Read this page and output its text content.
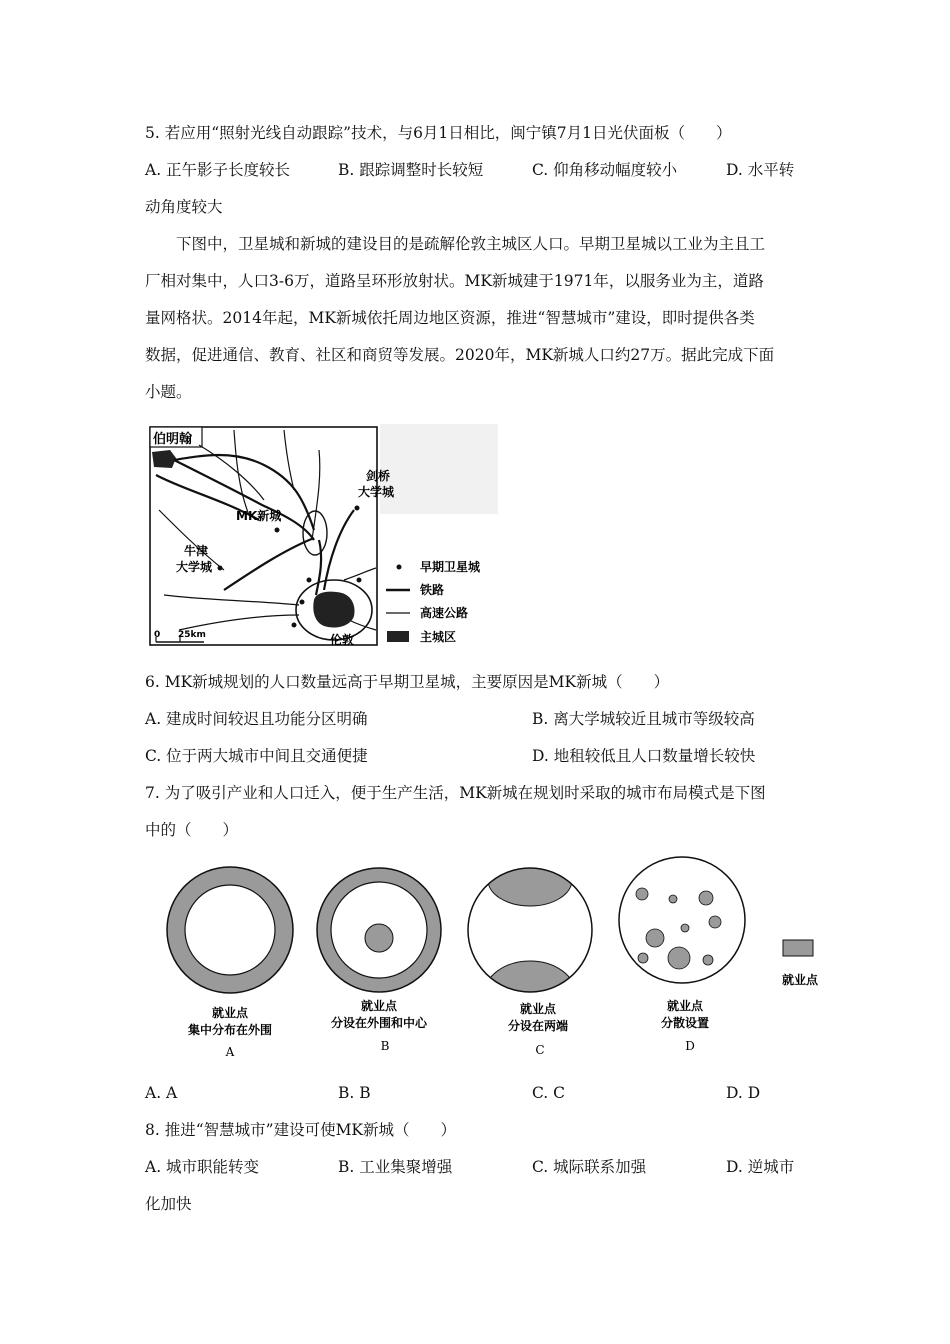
5. 若应用“照射光线自动跟踪”技术，与6月1日相比，闽宁镇7月1日光伏面板（　　）
A. 正午影子长度较长	B. 跟踪调整时长较短	C. 仰角移动幅度较小	D. 水平转
动角度较大
下图中，卫星城和新城的建设目的是疏解伦敦主城区人口。早期卫星城以工业为主且工
厂相对集中，人口3-6万，道路呈环形放射状。MK新城建于1971年，以服务业为主，道路
量网格状。2014年起，MK新城依托周边地区资源，推进“智慧城市”建设，即时提供各类
数据，促进通信、教育、社区和商贸等发展。2020年，MK新城人口约27万。据此完成下面
小题。
伯明翰
剑桥
大学城
MK新城
牛津
大学城
伦敦
0 25km
早期卫星城
铁路
高速公路
主城区
6. MK新城规划的人口数量远高于早期卫星城，主要原因是MK新城（　　）
A. 建成时间较迟且功能分区明确	B. 离大学城较近且城市等级较高
C. 位于两大城市中间且交通便捷	D. 地租较低且人口数量增长较快
7. 为了吸引产业和人口迁入，便于生产生活，MK新城在规划时采取的城市布局模式是下图
中的（　　）
就业点
集中分布在外围
A
就业点
分设在外围和中心
B
就业点
分设在两端
C
就业点
分散设置
D
就业点
A. A	B. B	C. C	D. D
8. 推进“智慧城市”建设可使MK新城（　　）
A. 城市职能转变	B. 工业集聚增强	C. 城际联系加强	D. 逆城市
化加快
